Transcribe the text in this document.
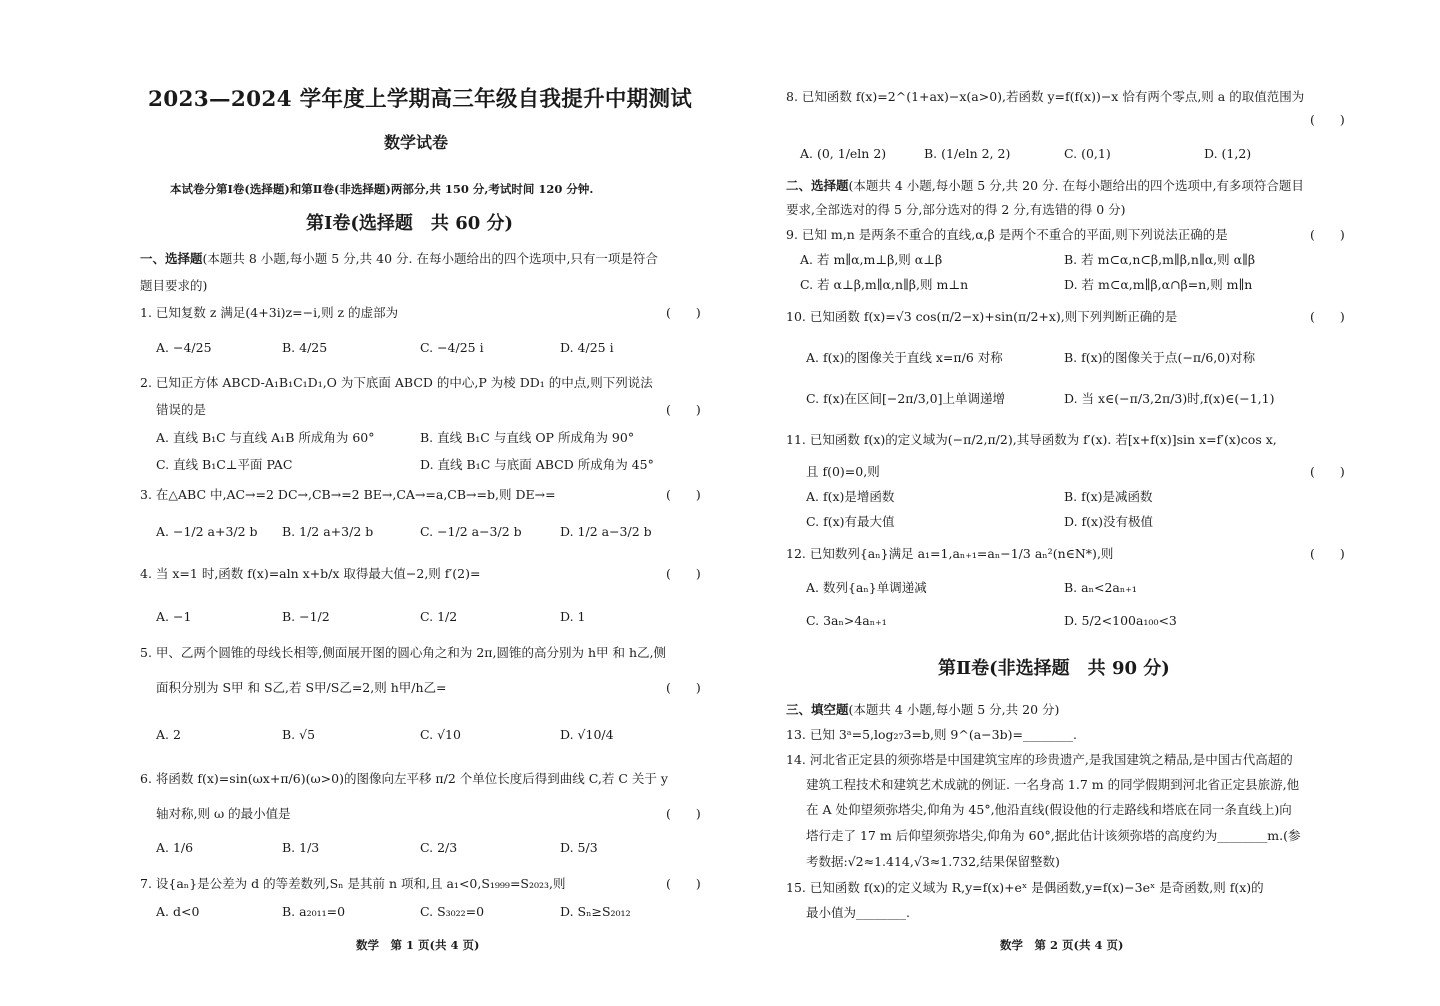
2023—2024 学年度上学期高三年级自我提升中期测试
数学试卷
本试卷分第Ⅰ卷(选择题)和第Ⅱ卷(非选择题)两部分,共 150 分,考试时间 120 分钟.
第Ⅰ卷(选择题　共 60 分)
一、选择题(本题共 8 小题,每小题 5 分,共 40 分. 在每小题给出的四个选项中,只有一项是符合
题目要求的)
1. 已知复数 z 满足(4+3i)z=−i,则 z 的虚部为	(　　)
A. −4/25	B. 4/25	C. −4/25 i	D. 4/25 i
2. 已知正方体 ABCD-A₁B₁C₁D₁,O 为下底面 ABCD 的中心,P 为棱 DD₁ 的中点,则下列说法
错误的是	(　　)
A. 直线 B₁C 与直线 A₁B 所成角为 60°	B. 直线 B₁C 与直线 OP 所成角为 90°
C. 直线 B₁C⊥平面 PAC	D. 直线 B₁C 与底面 ABCD 所成角为 45°
3. 在△ABC 中,AC→=2 DC→,CB→=2 BE→,CA→=a,CB→=b,则 DE→=	(　　)
A. −1/2 a+3/2 b B. 1/2 a+3/2 b	C. −1/2 a−3/2 b	D. 1/2 a−3/2 b
4. 当 x=1 时,函数 f(x)=aln x+b/x 取得最大值−2,则 f′(2)=	(　　)
A. −1	B. −1/2	C. 1/2	D. 1
5. 甲、乙两个圆锥的母线长相等,侧面展开图的圆心角之和为 2π,圆锥的高分别为 h甲 和 h乙,侧
面积分别为 S甲 和 S乙,若 S甲/S乙=2,则 h甲/h乙=	(　　)
A. 2	B. √5	C. √10	D. √10/4
6. 将函数 f(x)=sin(ωx+π/6)(ω>0)的图像向左平移 π/2 个单位长度后得到曲线 C,若 C 关于 y
轴对称,则 ω 的最小值是	(　　)
A. 1/6	B. 1/3	C. 2/3	D. 5/3
7. 设{aₙ}是公差为 d 的等差数列,Sₙ 是其前 n 项和,且 a₁<0,S₁₉₉₉=S₂₀₂₃,则	(　　)
A. d<0	B. a₂₀₁₁=0	C. S₃₀₂₂=0	D. Sₙ≥S₂₀₁₂
数学　第 1 页(共 4 页)
8. 已知函数 f(x)=2^(1+ax)−x(a>0),若函数 y=f(f(x))−x 恰有两个零点,则 a 的取值范围为
(　　)
A. (0, 1/eln 2)	B. (1/eln 2, 2)	C. (0,1)	D. (1,2)
二、选择题(本题共 4 小题,每小题 5 分,共 20 分. 在每小题给出的四个选项中,有多项符合题目
要求,全部选对的得 5 分,部分选对的得 2 分,有选错的得 0 分)
9. 已知 m,n 是两条不重合的直线,α,β 是两个不重合的平面,则下列说法正确的是	(　　)
A. 若 m∥α,m⊥β,则 α⊥β	B. 若 m⊂α,n⊂β,m∥β,n∥α,则 α∥β
C. 若 α⊥β,m∥α,n∥β,则 m⊥n	D. 若 m⊂α,m∥β,α∩β=n,则 m∥n
10. 已知函数 f(x)=√3 cos(π/2−x)+sin(π/2+x),则下列判断正确的是	(　　)
A. f(x)的图像关于直线 x=π/6 对称	B. f(x)的图像关于点(−π/6,0)对称
C. f(x)在区间[−2π/3,0]上单调递增	D. 当 x∈(−π/3,2π/3)时,f(x)∈(−1,1)
11. 已知函数 f(x)的定义域为(−π/2,π/2),其导函数为 f′(x). 若[x+f(x)]sin x=f′(x)cos x,
且 f(0)=0,则	(　　)
A. f(x)是增函数	B. f(x)是减函数
C. f(x)有最大值	D. f(x)没有极值
12. 已知数列{aₙ}满足 a₁=1,aₙ₊₁=aₙ−1/3 aₙ²(n∈N*),则	(　　)
A. 数列{aₙ}单调递减	B. aₙ<2aₙ₊₁
C. 3aₙ>4aₙ₊₁	D. 5/2<100a₁₀₀<3
第Ⅱ卷(非选择题　共 90 分)
三、填空题(本题共 4 小题,每小题 5 分,共 20 分)
13. 已知 3ᵃ=5,log₂₇3=b,则 9^(a−3b)=________.
14. 河北省正定县的须弥塔是中国建筑宝库的珍贵遗产,是我国建筑之精品,是中国古代高超的
建筑工程技术和建筑艺术成就的例证. 一名身高 1.7 m 的同学假期到河北省正定县旅游,他
在 A 处仰望须弥塔尖,仰角为 45°,他沿直线(假设他的行走路线和塔底在同一条直线上)向
塔行走了 17 m 后仰望须弥塔尖,仰角为 60°,据此估计该须弥塔的高度约为________m.(参
考数据:√2≈1.414,√3≈1.732,结果保留整数)
15. 已知函数 f(x)的定义域为 R,y=f(x)+eˣ 是偶函数,y=f(x)−3eˣ 是奇函数,则 f(x)的
最小值为________.
数学　第 2 页(共 4 页)
